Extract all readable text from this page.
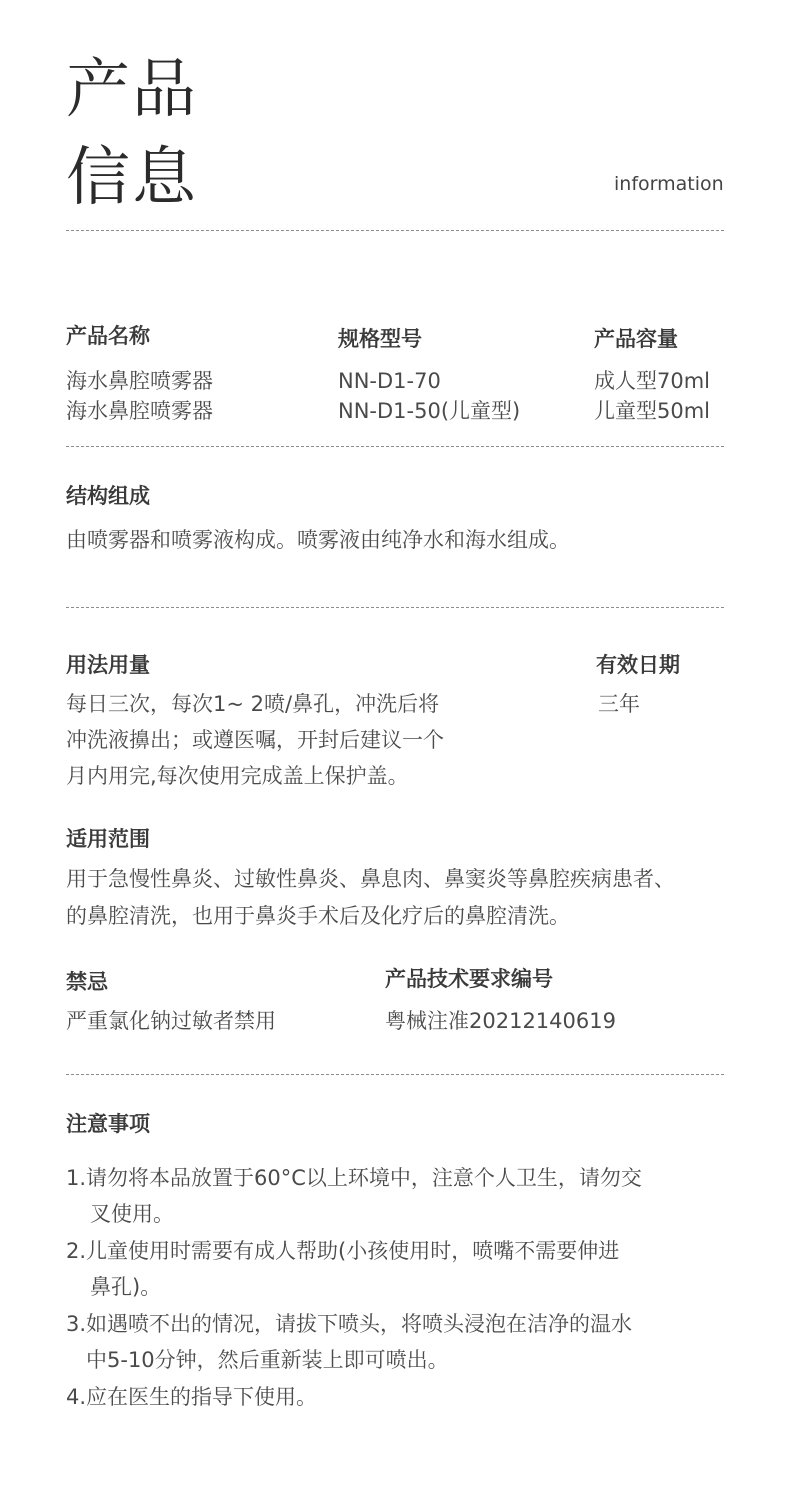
产品
信息	information
产品名称	规格型号	产品容量
海水鼻腔喷雾器	NN-D1-70	成人型70ml
海水鼻腔喷雾器	NN-D1-50(儿童型)	儿童型50ml
结构组成
由喷雾器和喷雾液构成。喷雾液由纯净水和海水组成。
用法用量
每日三次，每次1~ 2喷/鼻孔，冲洗后将
冲洗液擤出；或遵医嘱，开封后建议一个
月内用完,每次使用完成盖上保护盖。
有效日期
三年
适用范围
用于急慢性鼻炎、过敏性鼻炎、鼻息肉、鼻窦炎等鼻腔疾病患者、
的鼻腔清洗，也用于鼻炎手术后及化疗后的鼻腔清洗。
禁忌
严重氯化钠过敏者禁用
产品技术要求编号
粤械注准20212140619
注意事项
1.请勿将本品放置于60°C以上环境中，注意个人卫生，请勿交
叉使用。
2.儿童使用时需要有成人帮助(小孩使用时，喷嘴不需要伸进
鼻孔)。
3.如遇喷不出的情况，请拔下喷头，将喷头浸泡在洁净的温水
中5-10分钟，然后重新装上即可喷出。
4.应在医生的指导下使用。
